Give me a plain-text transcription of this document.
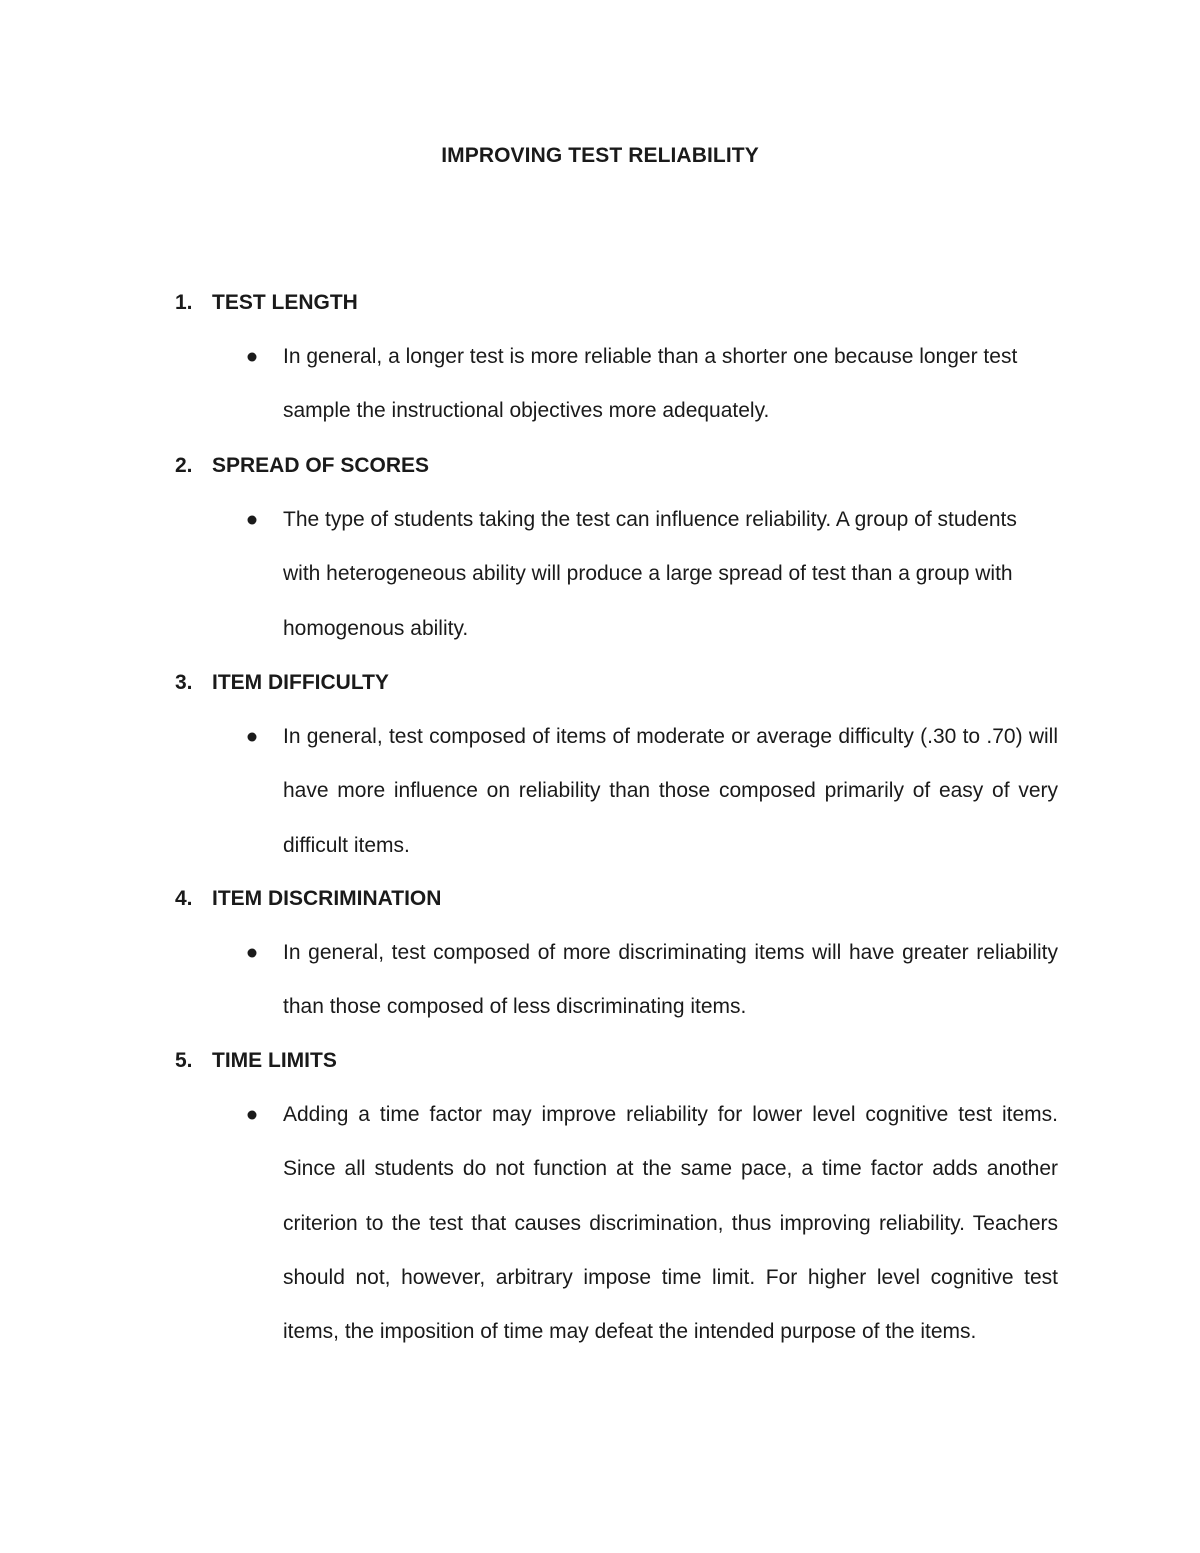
IMPROVING TEST RELIABILITY
1. TEST LENGTH
In general, a longer test is more reliable than a shorter one because longer test sample the instructional objectives more adequately.
2. SPREAD OF SCORES
The type of students taking the test can influence reliability. A group of students with heterogeneous ability will produce a large spread of test than a group with homogenous ability.
3. ITEM DIFFICULTY
In general, test composed of items of moderate or average difficulty (.30 to .70) will have more influence on reliability than those composed primarily of easy of very difficult items.
4. ITEM DISCRIMINATION
In general, test composed of more discriminating items will have greater reliability than those composed of less discriminating items.
5. TIME LIMITS
Adding a time factor may improve reliability for lower level cognitive test items. Since all students do not function at the same pace, a time factor adds another criterion to the test that causes discrimination, thus improving reliability. Teachers should not, however, arbitrary impose time limit. For higher level cognitive test items, the imposition of time may defeat the intended purpose of the items.
